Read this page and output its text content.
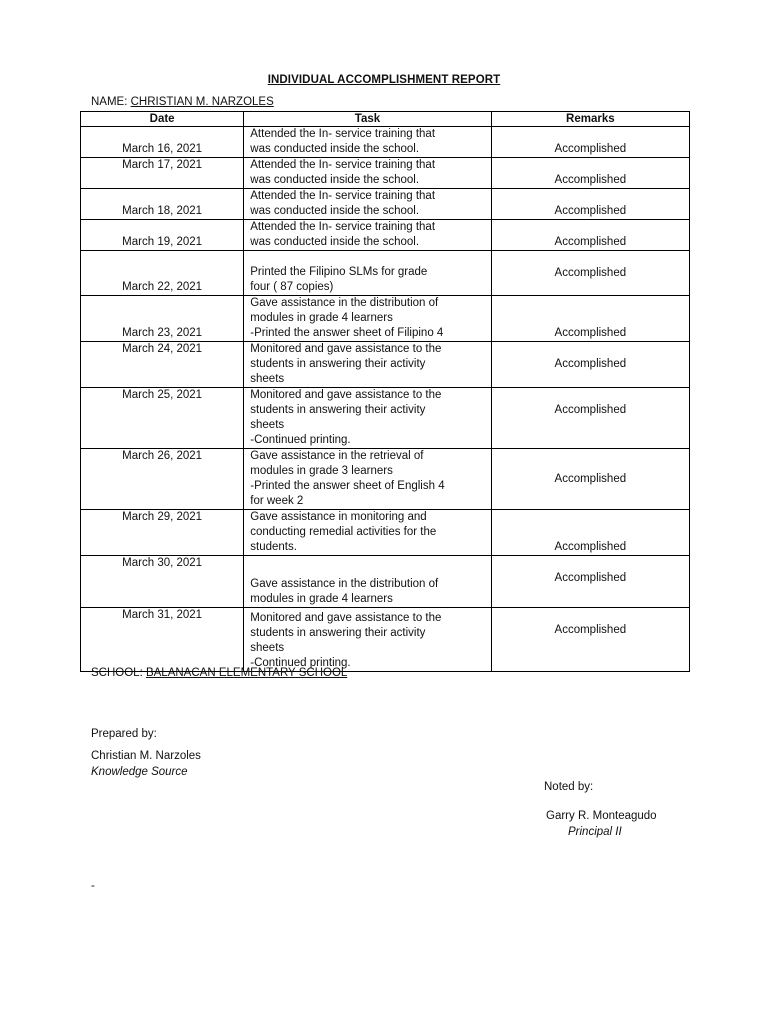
INDIVIDUAL ACCOMPLISHMENT REPORT
NAME: CHRISTIAN M. NARZOLES
Date	Task	Remarks
March 16, 2021	Attended the In- service training that
was conducted inside the school.	Accomplished
March 17, 2021	Attended the In- service training that
was conducted inside the school.	Accomplished
March 18, 2021	Attended the In- service training that
was conducted inside the school.	Accomplished
March 19, 2021	Attended the In- service training that
was conducted inside the school.	Accomplished
March 22, 2021	Printed the Filipino SLMs for grade
four ( 87 copies)	Accomplished
March 23, 2021	Gave assistance in the distribution of
modules in grade 4 learners
-Printed the answer sheet of Filipino 4	Accomplished
March 24, 2021	Monitored and gave assistance to the
students in answering their activity
sheets	Accomplished
March 25, 2021	Monitored and gave assistance to the
students in answering their activity
sheets
-Continued printing.	Accomplished
March 26, 2021	Gave assistance in the retrieval of
modules in grade 3 learners
-Printed the answer sheet of English 4
for week 2	Accomplished
March 29, 2021	Gave assistance in monitoring and
conducting remedial activities for the
students.	Accomplished
March 30, 2021	Gave assistance in the distribution of
modules in grade 4 learners	Accomplished
March 31, 2021	Monitored and gave assistance to the
students in answering their activity
sheets
-Continued printing.	Accomplished
SCHOOL: BALANACAN ELEMENTARY SCHOOL
Prepared by:
Christian M. Narzoles
Knowledge Source
Noted by:
Garry R. Monteagudo
Principal II
-
